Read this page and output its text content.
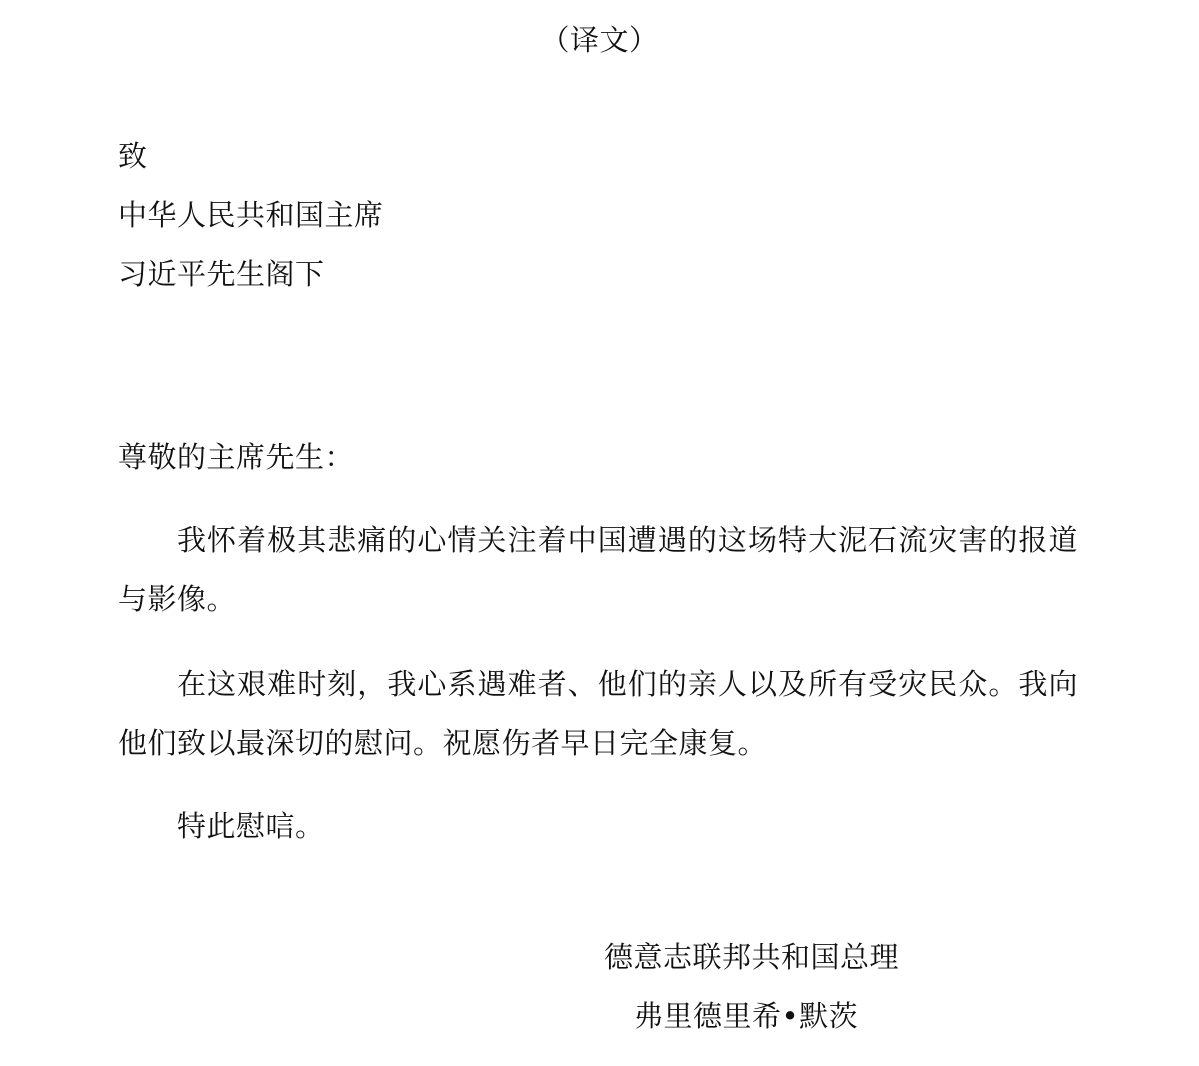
（译文）
致
中华人民共和国主席
习近平先生阁下
尊敬的主席先生：
我怀着极其悲痛的心情关注着中国遭遇的这场特大泥石流灾害的报道与影像。
在这艰难时刻，我心系遇难者、他们的亲人以及所有受灾民众。我向他们致以最深切的慰问。祝愿伤者早日完全康复。
特此慰唁。
德意志联邦共和国总理
弗里德里希•默茨
